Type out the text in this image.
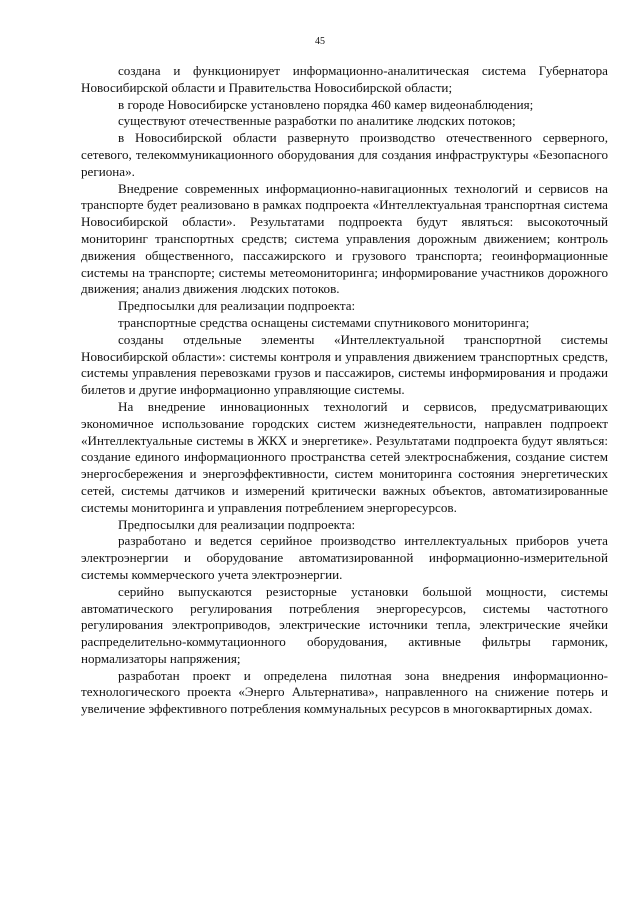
45

создана и функционирует информационно-аналитическая система Губернатора Новосибирской области и Правительства Новосибирской области;

в городе Новосибирске установлено порядка 460 камер видеонаблюдения;

существуют отечественные разработки по аналитике людских потоков;

в Новосибирской области развернуто производство отечественного серверного, сетевого, телекоммуникационного оборудования для создания инфраструктуры «Безопасного региона».

Внедрение современных информационно-навигационных технологий и сервисов на транспорте будет реализовано в рамках подпроекта «Интеллектуальная транспортная система Новосибирской области». Результатами подпроекта будут являться: высокоточный мониторинг транспортных средств; система управления дорожным движением; контроль движения общественного, пассажирского и грузового транспорта; геоинформационные системы на транспорте; системы метеомониторинга; информирование участников дорожного движения; анализ движения людских потоков.

Предпосылки для реализации подпроекта:

транспортные средства оснащены системами спутникового мониторинга;

созданы отдельные элементы «Интеллектуальной транспортной системы Новосибирской области»: системы контроля и управления движением транспортных средств, системы управления перевозками грузов и пассажиров, системы информирования и продажи билетов и другие информационно управляющие системы.

На внедрение инновационных технологий и сервисов, предусматривающих экономичное использование городских систем жизнедеятельности, направлен подпроект «Интеллектуальные системы в ЖКХ и энергетике». Результатами подпроекта будут являться: создание единого информационного пространства сетей электроснабжения, создание систем энергосбережения и энергоэффективности, систем мониторинга состояния энергетических сетей, системы датчиков и измерений критически важных объектов, автоматизированные системы мониторинга и управления потреблением энергоресурсов.

Предпосылки для реализации подпроекта:

разработано и ведется серийное производство интеллектуальных приборов учета электроэнергии и оборудование автоматизированной информационно-измерительной системы коммерческого учета электроэнергии.

серийно выпускаются резисторные установки большой мощности, системы автоматического регулирования потребления энергоресурсов, системы частотного регулирования электроприводов, электрические источники тепла, электрические ячейки распределительно-коммутационного оборудования, активные фильтры гармоник, нормализаторы напряжения;

разработан проект и определена пилотная зона внедрения информационно-технологического проекта «Энерго Альтернатива», направленного на снижение потерь и увеличение эффективного потребления коммунальных ресурсов в многоквартирных домах.
